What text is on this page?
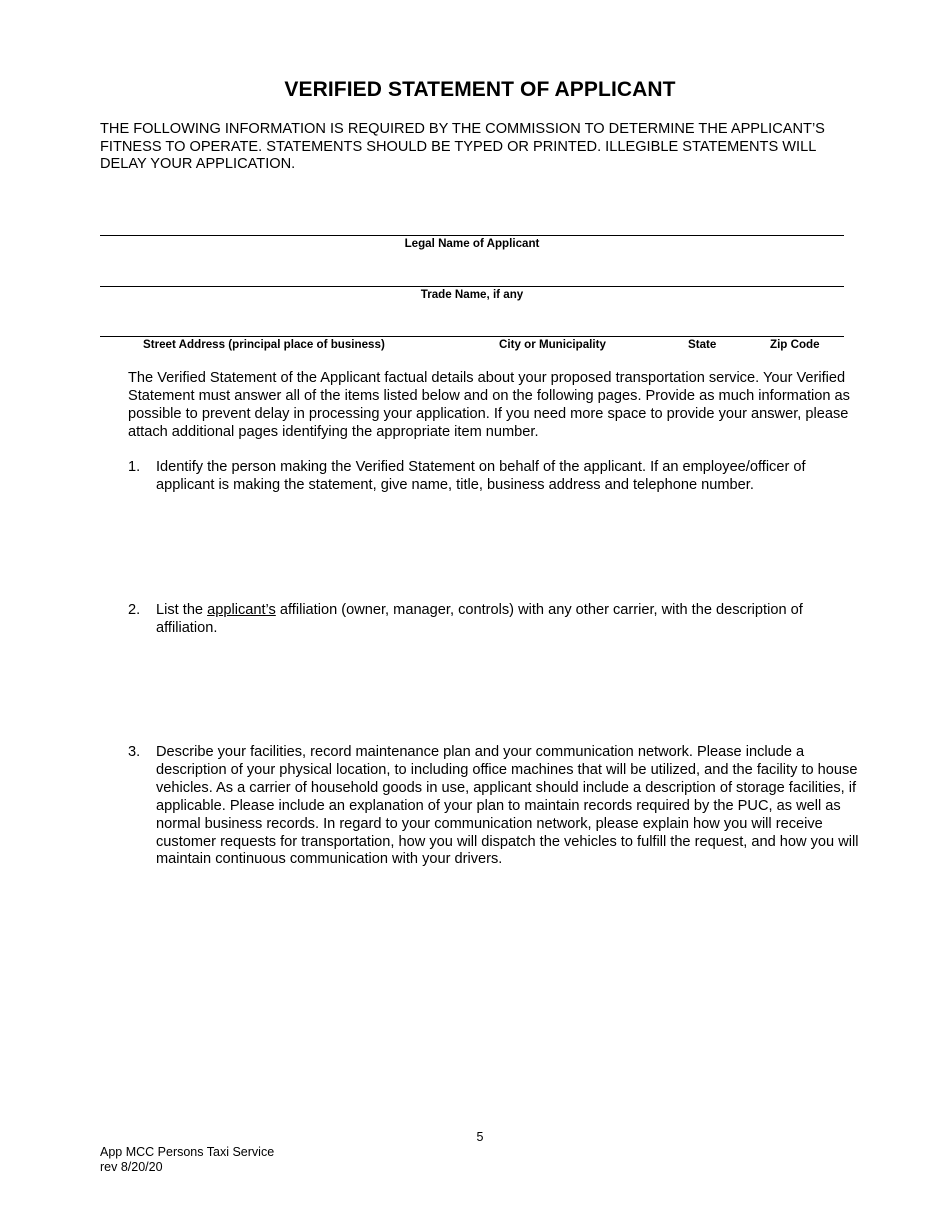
VERIFIED STATEMENT OF APPLICANT
THE FOLLOWING INFORMATION IS REQUIRED BY THE COMMISSION TO DETERMINE THE APPLICANT’S FITNESS TO OPERATE. STATEMENTS SHOULD BE TYPED OR PRINTED. ILLEGIBLE STATEMENTS WILL DELAY YOUR APPLICATION.
Legal Name of Applicant
Trade Name, if any
Street Address (principal place of business)	City or Municipality	State	Zip Code
The Verified Statement of the Applicant factual details about your proposed transportation service. Your Verified Statement must answer all of the items listed below and on the following pages. Provide as much information as possible to prevent delay in processing your application. If you need more space to provide your answer, please attach additional pages identifying the appropriate item number.
1. Identify the person making the Verified Statement on behalf of the applicant. If an employee/officer of applicant is making the statement, give name, title, business address and telephone number.
2. List the applicant’s affiliation (owner, manager, controls) with any other carrier, with the description of affiliation.
3. Describe your facilities, record maintenance plan and your communication network. Please include a description of your physical location, to including office machines that will be utilized, and the facility to house vehicles. As a carrier of household goods in use, applicant should include a description of storage facilities, if applicable. Please include an explanation of your plan to maintain records required by the PUC, as well as normal business records. In regard to your communication network, please explain how you will receive customer requests for transportation, how you will dispatch the vehicles to fulfill the request, and how you will maintain continuous communication with your drivers.
5
App MCC Persons Taxi Service
rev 8/20/20
